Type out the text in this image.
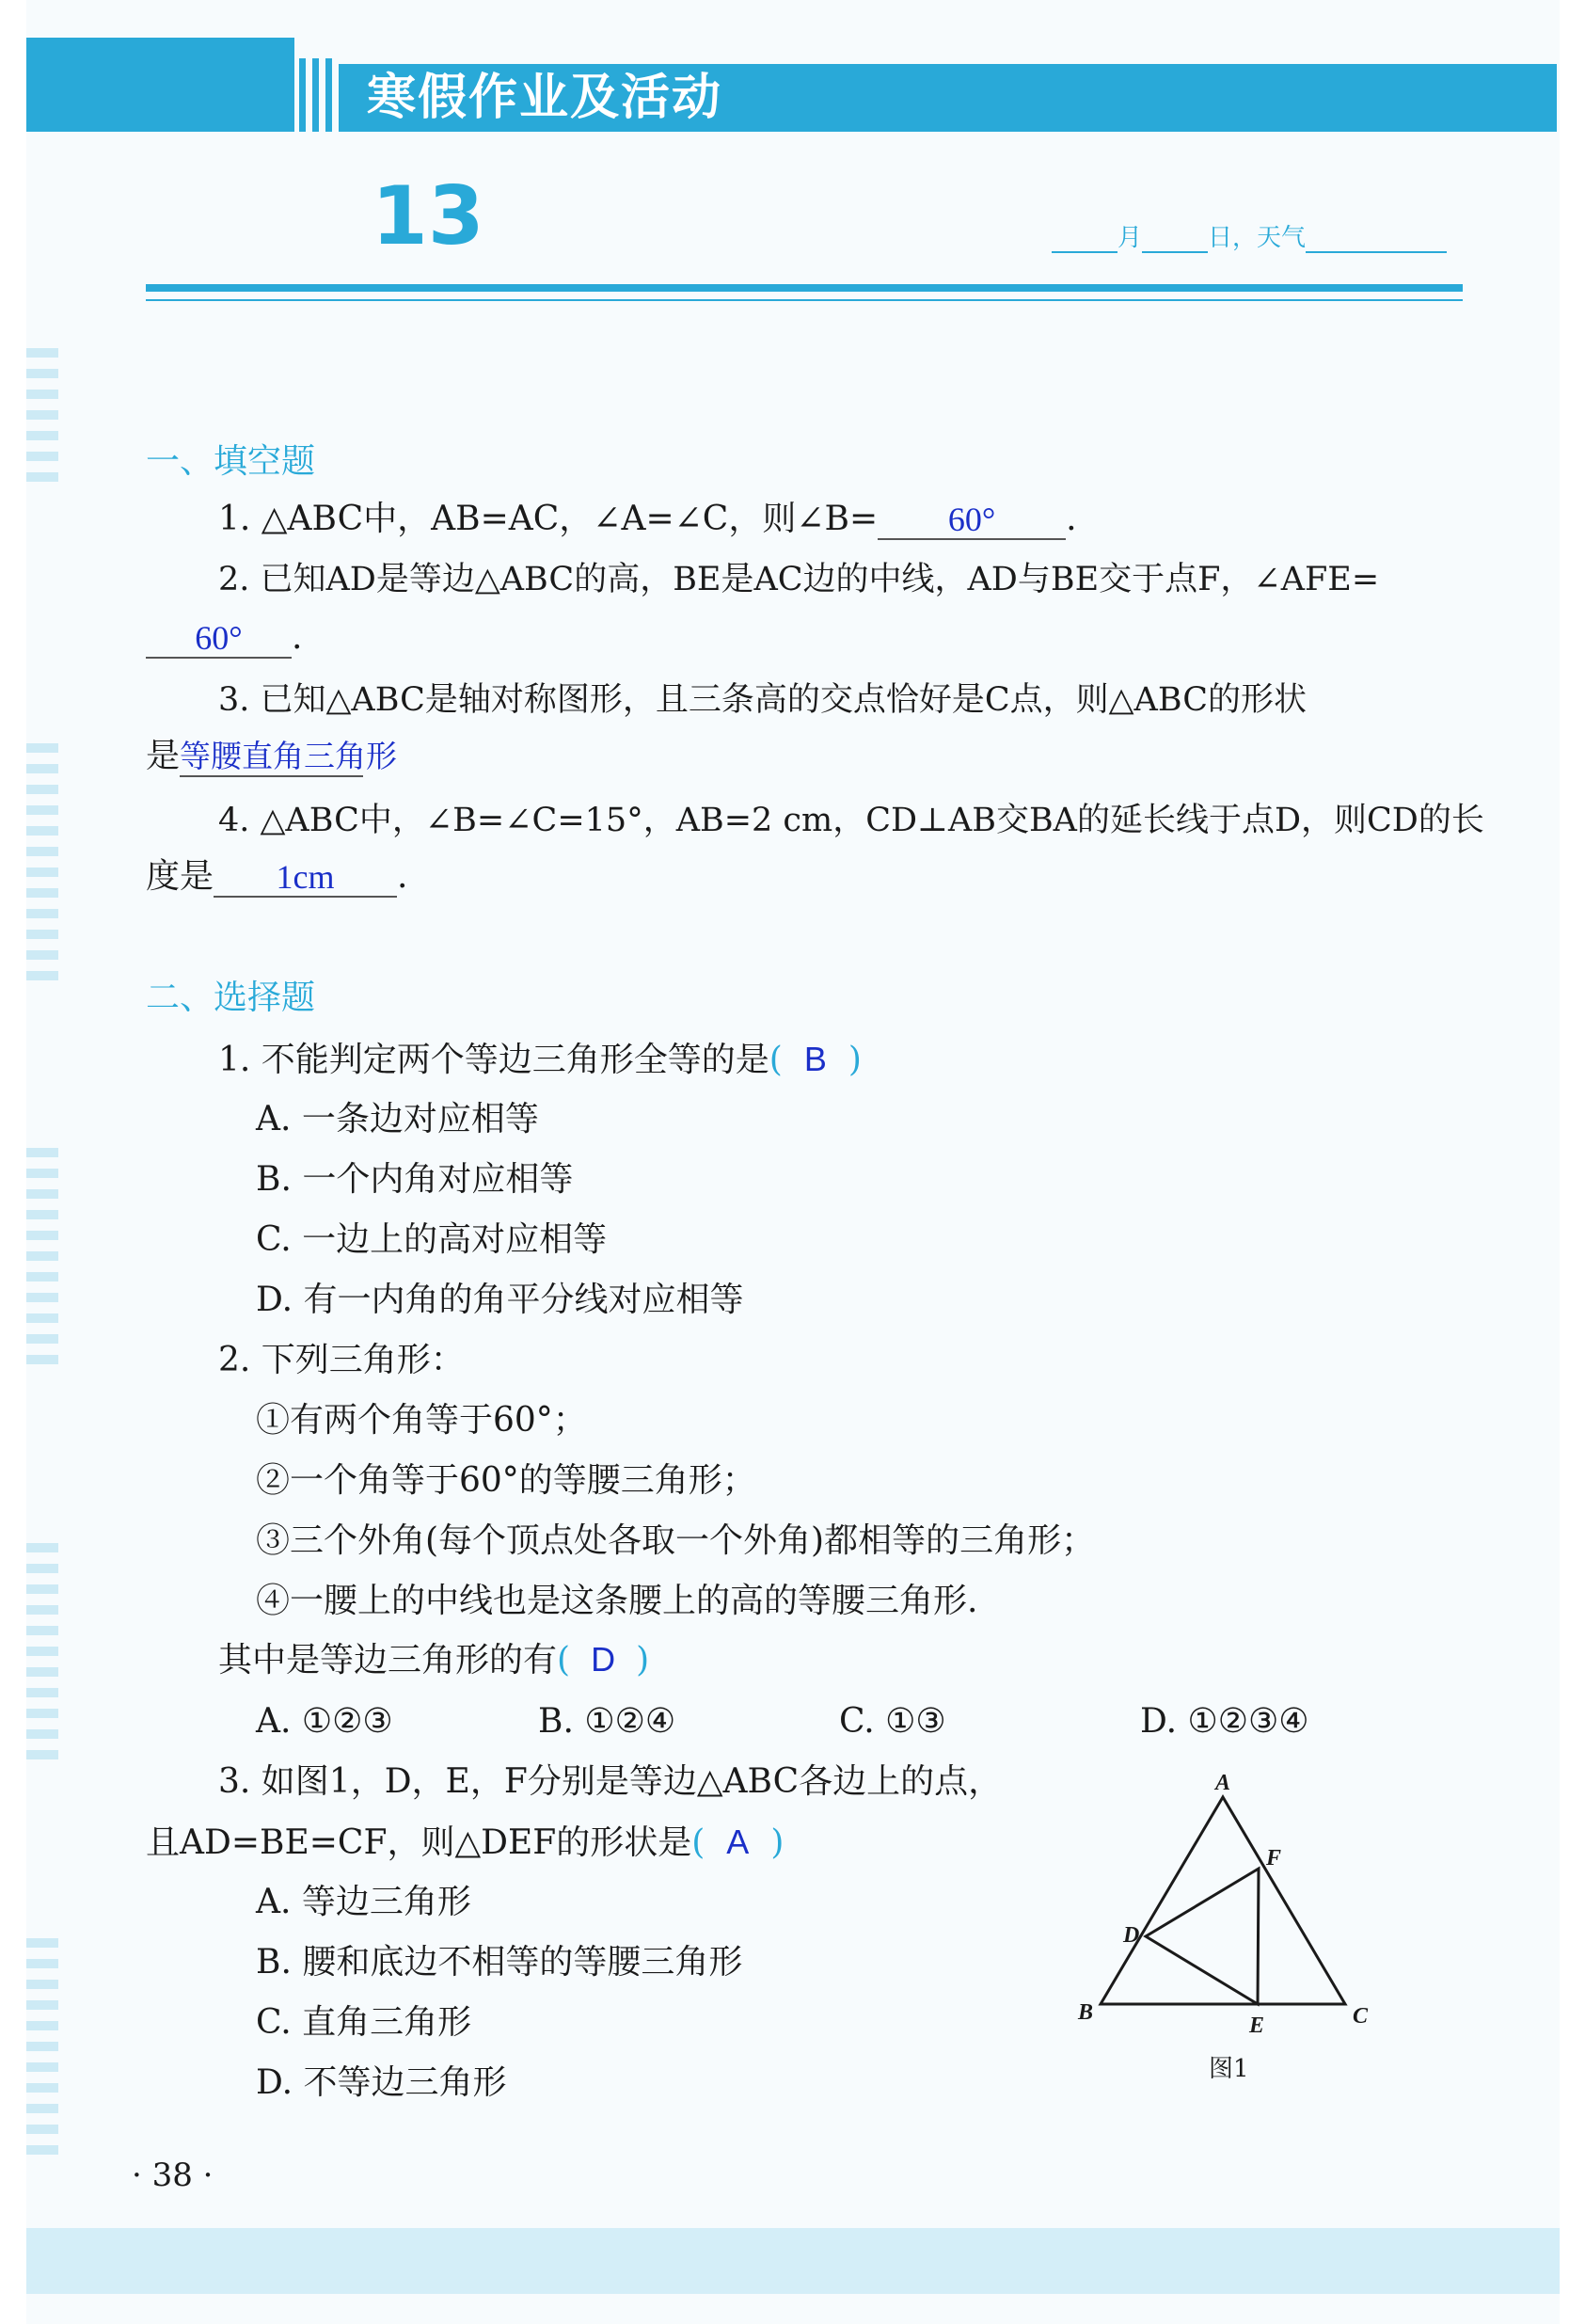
寒假作业及活动
13	月	日，天气
一、填空题
1. △ABC中，AB=AC，∠A=∠C，则∠B= 60° .
2. 已知AD是等边△ABC的高，BE是AC边的中线，AD与BE交于点F，∠AFE=
60° .
3. 已知△ABC是轴对称图形，且三条高的交点恰好是C点，则△ABC的形状
是等腰直角三角形
4. △ABC中，∠B=∠C=15°，AB=2 cm，CD⊥AB交BA的延长线于点D，则CD的长
度是 1cm .
二、选择题
1. 不能判定两个等边三角形全等的是( B )
A. 一条边对应相等
B. 一个内角对应相等
C. 一边上的高对应相等
D. 有一内角的角平分线对应相等
2. 下列三角形：
①有两个角等于60°；
②一个角等于60°的等腰三角形；
③三个外角(每个顶点处各取一个外角)都相等的三角形；
④一腰上的中线也是这条腰上的高的等腰三角形.
其中是等边三角形的有( D )
A. ①②③	B. ①②④	C. ①③	D. ①②③④
3. 如图1，D，E，F分别是等边△ABC各边上的点，
且AD=BE=CF，则△DEF的形状是( A )
A. 等边三角形
B. 腰和底边不相等的等腰三角形
C. 直角三角形
D. 不等边三角形
A
B	C
D
E
F
图1
· 38 ·
